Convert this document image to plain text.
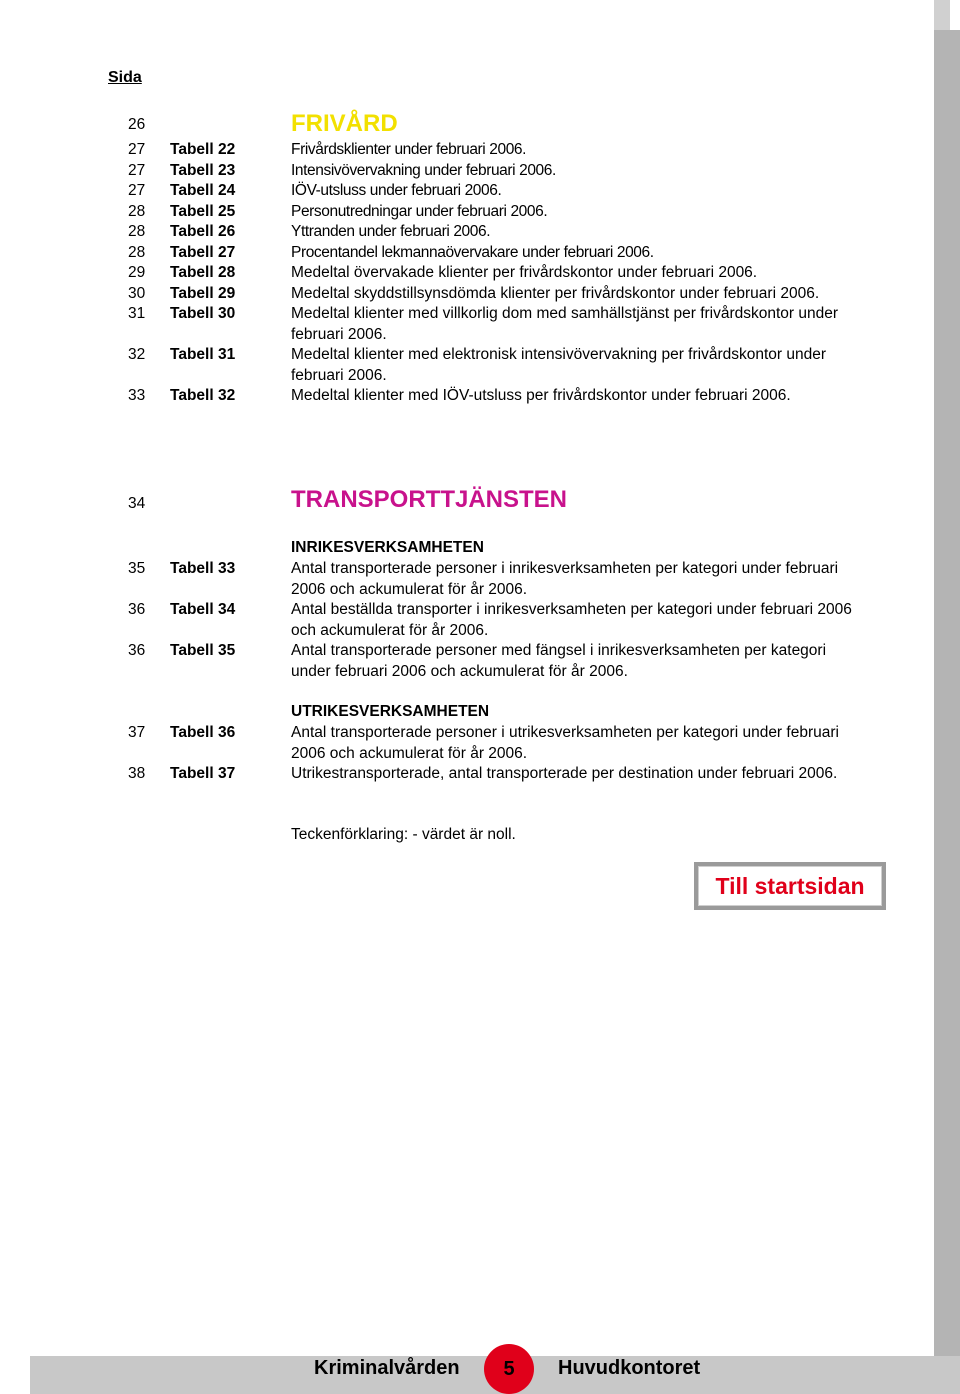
Sida
26	FRIVÅRD
27 Tabell 22	Frivårdsklienter under februari 2006.
27 Tabell 23	Intensivövervakning under februari 2006.
27 Tabell 24	IÖV-utsluss under februari 2006.
28 Tabell 25	Personutredningar under februari 2006.
28 Tabell 26	Yttranden under februari 2006.
28 Tabell 27	Procentandel lekmannaövervakare under februari 2006.
29 Tabell 28	Medeltal övervakade klienter per frivårdskontor under februari 2006.
30 Tabell 29	Medeltal skyddstillsynsdömda klienter per frivårdskontor under februari 2006.
31 Tabell 30	Medeltal klienter med villkorlig dom med samhällstjänst per frivårdskontor under
februari 2006.
32 Tabell 31	Medeltal klienter med elektronisk intensivövervakning per frivårdskontor under
februari 2006.
33 Tabell 32	Medeltal klienter med IÖV-utsluss per frivårdskontor under februari 2006.
34	TRANSPORTTJÄNSTEN
INRIKESVERKSAMHETEN
35 Tabell 33	Antal transporterade personer i inrikesverksamheten per kategori under februari
2006 och ackumulerat för år 2006.
36 Tabell 34	Antal beställda transporter i inrikesverksamheten per kategori under februari 2006
och ackumulerat för år 2006.
36 Tabell 35	Antal transporterade personer med fängsel i inrikesverksamheten per kategori
under februari 2006 och ackumulerat för år 2006.
UTRIKESVERKSAMHETEN
37 Tabell 36	Antal transporterade personer i utrikesverksamheten per kategori under februari
2006 och ackumulerat för år 2006.
38 Tabell 37	Utrikestransporterade, antal transporterade per destination under februari 2006.
Teckenförklaring: - värdet är noll.
Till startsidan
Kriminalvården	5	Huvudkontoret
